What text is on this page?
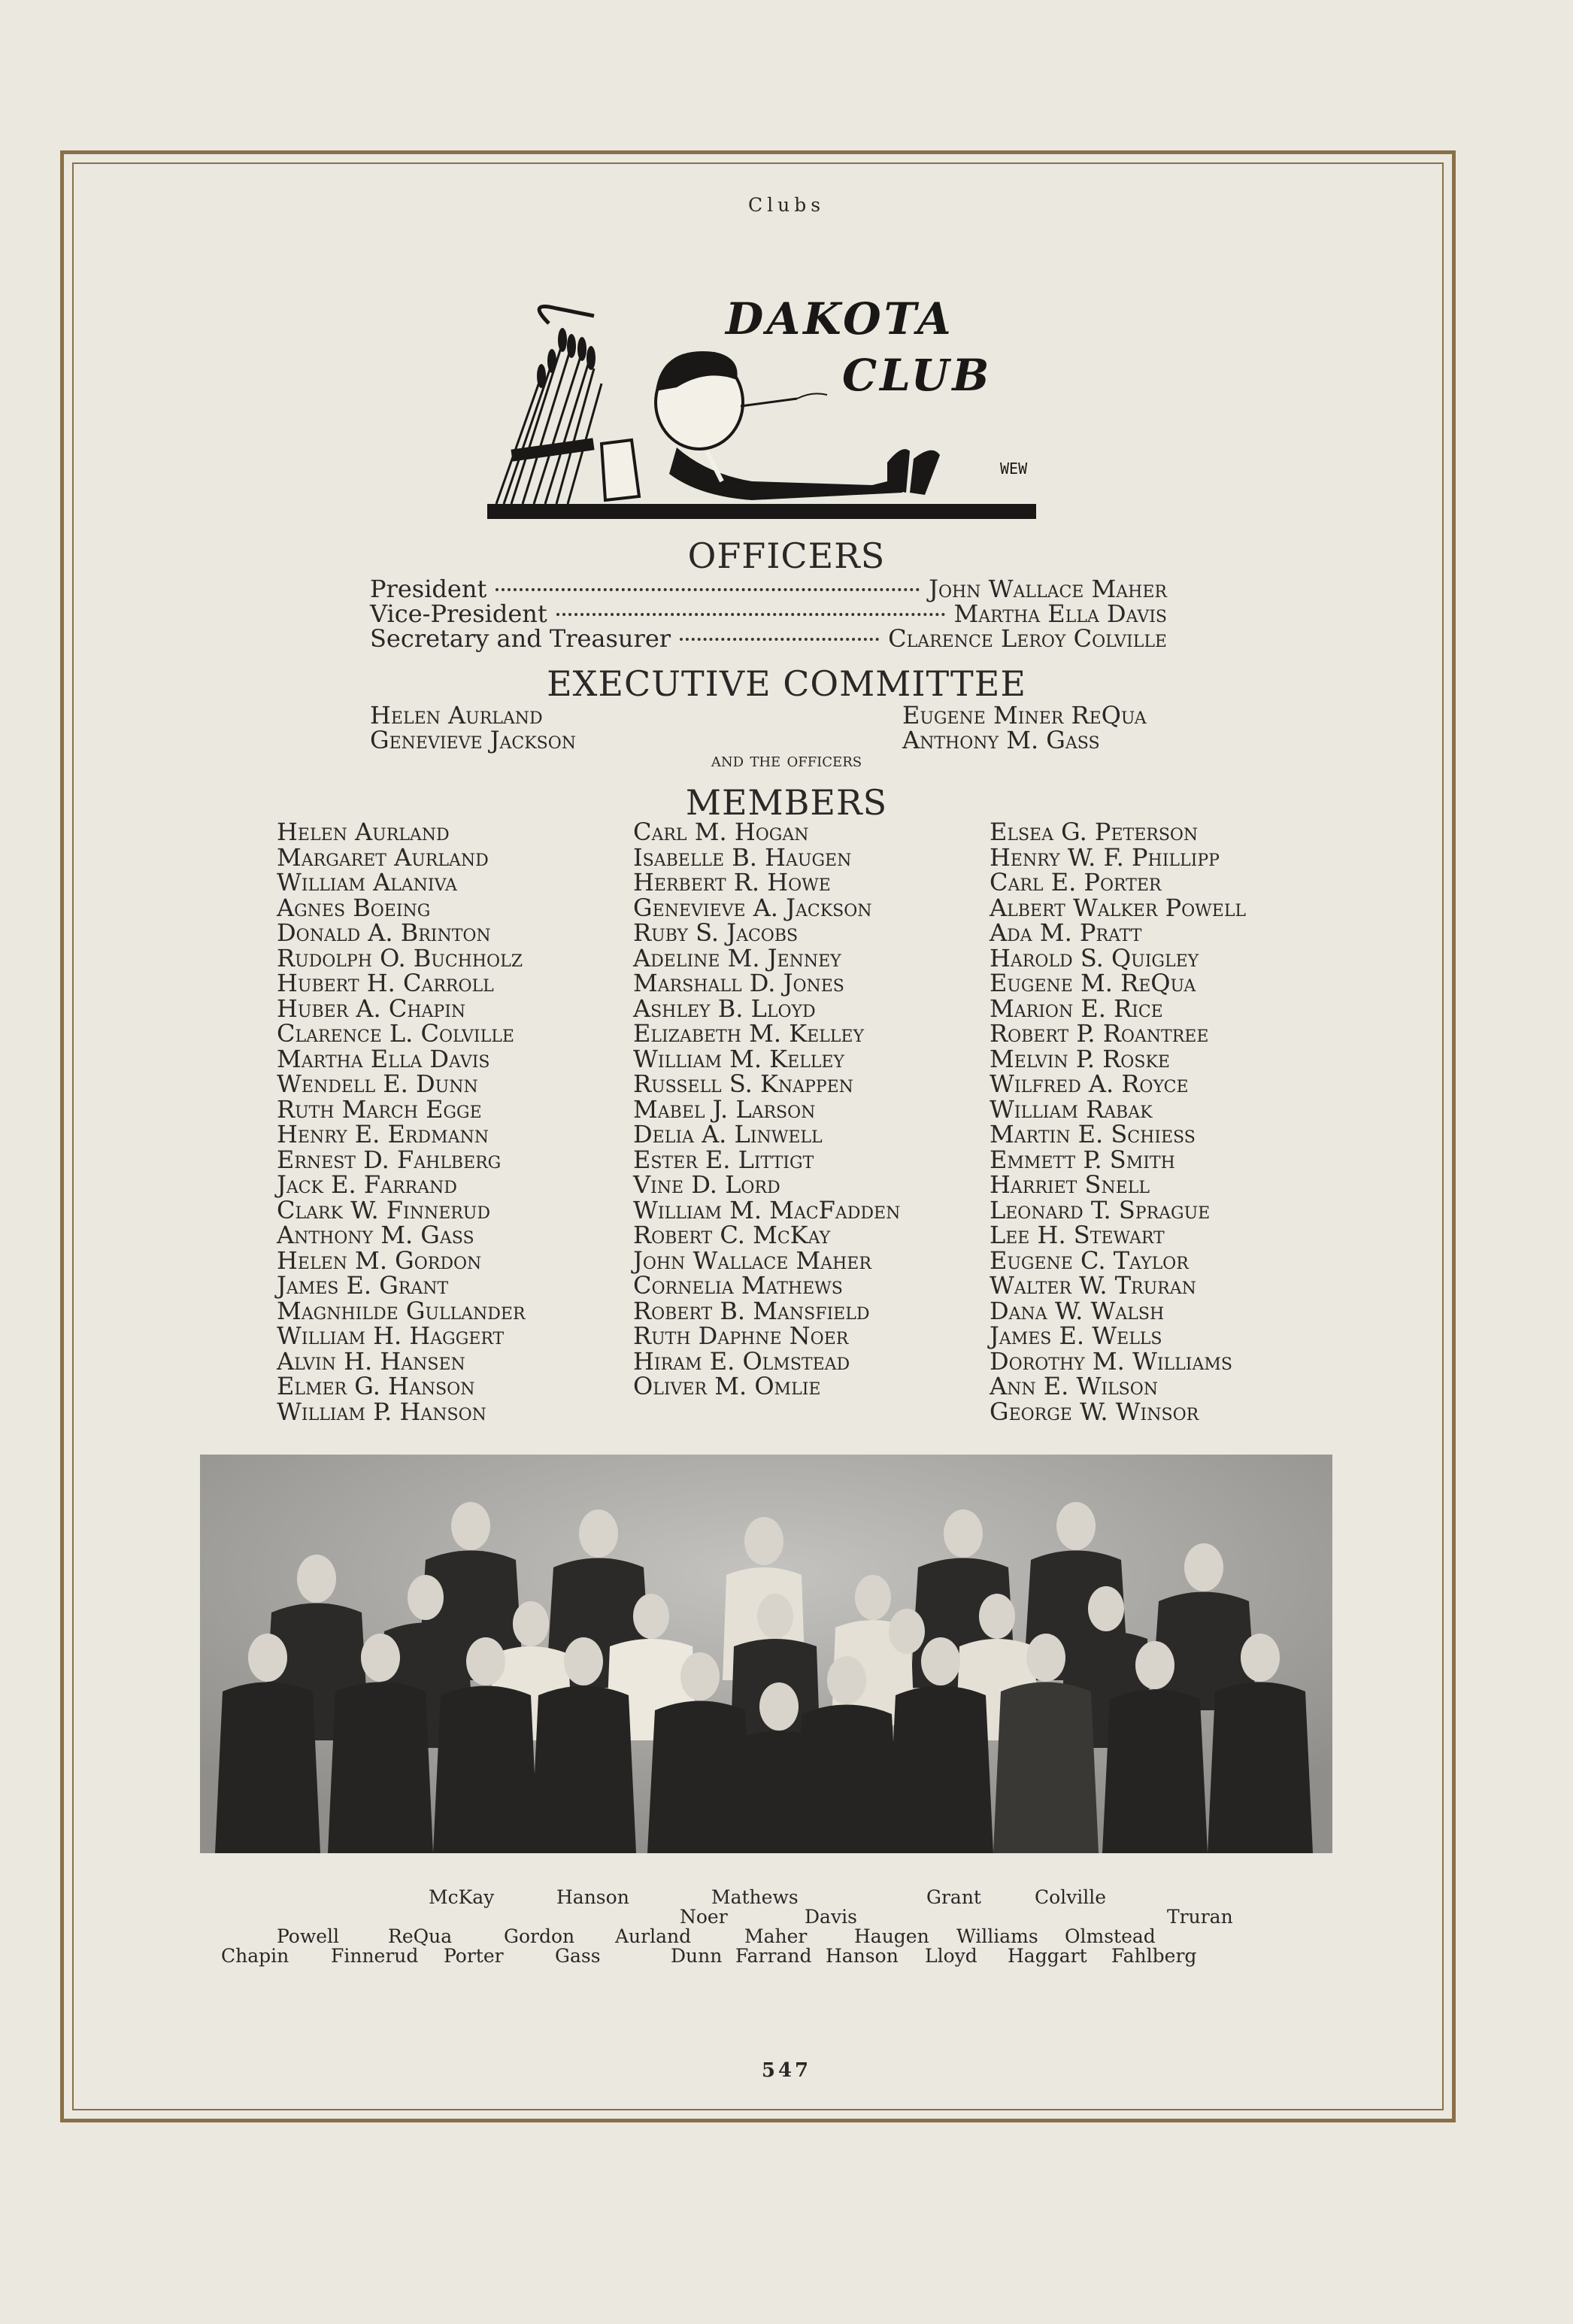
Clubs
WEW
DAKOTA
CLUB
OFFICERS
President	John Wallace Maher
Vice-President	Martha Ella Davis
Secretary and Treasurer	Clarence Leroy Colville
EXECUTIVE COMMITTEE
Helen Aurland
Genevieve Jackson
Eugene Miner ReQua
Anthony M. Gass
and the officers
MEMBERS
Helen Aurland
Margaret Aurland
William Alaniva
Agnes Boeing
Donald A. Brinton
Rudolph O. Buchholz
Hubert H. Carroll
Huber A. Chapin
Clarence L. Colville
Martha Ella Davis
Wendell E. Dunn
Ruth March Egge
Henry E. Erdmann
Ernest D. Fahlberg
Jack E. Farrand
Clark W. Finnerud
Anthony M. Gass
Helen M. Gordon
James E. Grant
Magnhilde Gullander
William H. Haggert
Alvin H. Hansen
Elmer G. Hanson
William P. Hanson
Carl M. Hogan
Isabelle B. Haugen
Herbert R. Howe
Genevieve A. Jackson
Ruby S. Jacobs
Adeline M. Jenney
Marshall D. Jones
Ashley B. Lloyd
Elizabeth M. Kelley
William M. Kelley
Russell S. Knappen
Mabel J. Larson
Delia A. Linwell
Ester E. Littigt
Vine D. Lord
William M. MacFadden
Robert C. McKay
John Wallace Maher
Cornelia Mathews
Robert B. Mansfield
Ruth Daphne Noer
Hiram E. Olmstead
Oliver M. Omlie
Elsea G. Peterson
Henry W. F. Phillipp
Carl E. Porter
Albert Walker Powell
Ada M. Pratt
Harold S. Quigley
Eugene M. ReQua
Marion E. Rice
Robert P. Roantree
Melvin P. Roske
Wilfred A. Royce
William Rabak
Martin E. Schiess
Emmett P. Smith
Harriet Snell
Leonard T. Sprague
Lee H. Stewart
Eugene C. Taylor
Walter W. Truran
Dana W. Walsh
James E. Wells
Dorothy M. Williams
Ann E. Wilson
George W. Winsor
McKay	Hanson	Mathews	Grant	Colville
Noer	Davis	Truran
Powell	ReQua	Gordon Aurland	Maher	Haugen Williams Olmstead
Chapin Finnerud Porter	Gass	Dunn Farrand Hanson Lloyd Haggart Fahlberg
547
